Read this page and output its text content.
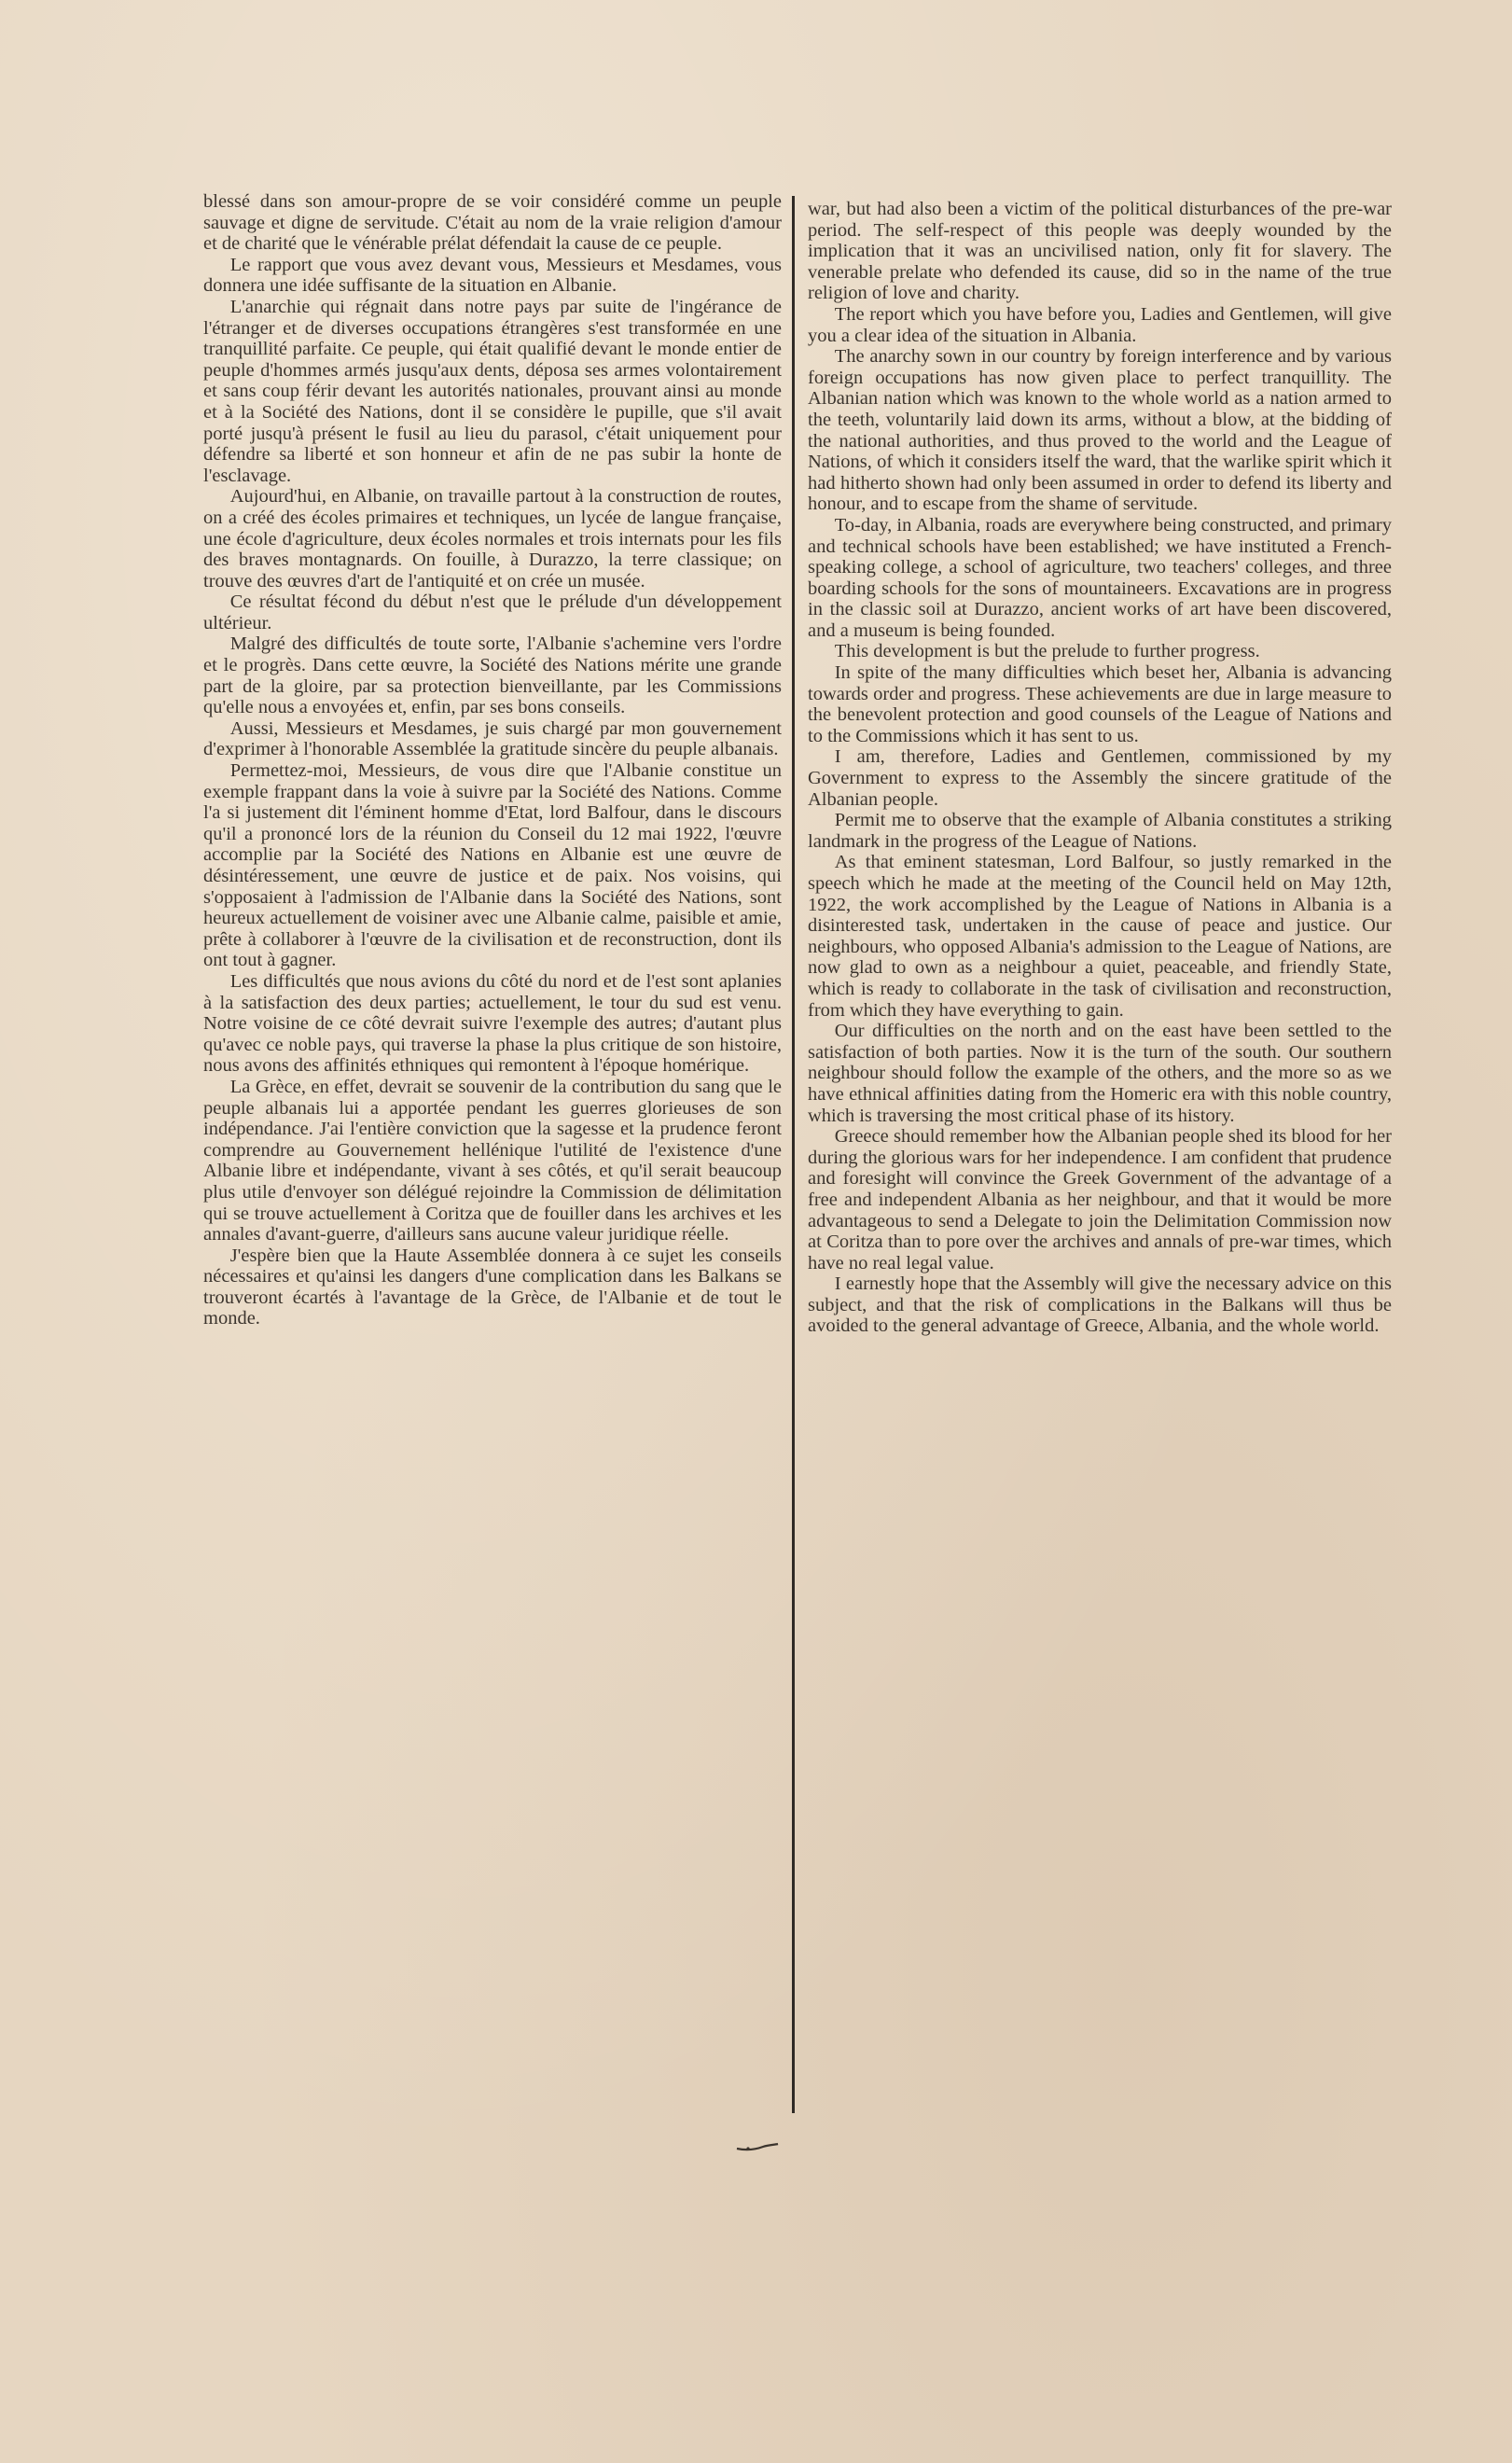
blessé dans son amour-propre de se voir considéré comme un peuple sauvage et digne de servitude. C'était au nom de la vraie religion d'amour et de charité que le vénérable prélat défendait la cause de ce peuple.

Le rapport que vous avez devant vous, Messieurs et Mesdames, vous donnera une idée suffisante de la situation en Albanie.

L'anarchie qui régnait dans notre pays par suite de l'ingérance de l'étranger et de diverses occupations étrangères s'est transformée en une tranquillité parfaite. Ce peuple, qui était qualifié devant le monde entier de peuple d'hommes armés jusqu'aux dents, déposa ses armes volontairement et sans coup férir devant les autorités nationales, prouvant ainsi au monde et à la Société des Nations, dont il se considère le pupille, que s'il avait porté jusqu'à présent le fusil au lieu du parasol, c'était uniquement pour défendre sa liberté et son honneur et afin de ne pas subir la honte de l'esclavage.

Aujourd'hui, en Albanie, on travaille partout à la construction de routes, on a créé des écoles primaires et techniques, un lycée de langue française, une école d'agriculture, deux écoles normales et trois internats pour les fils des braves montagnards. On fouille, à Durazzo, la terre classique; on trouve des œuvres d'art de l'antiquité et on crée un musée.

Ce résultat fécond du début n'est que le prélude d'un développement ultérieur.

Malgré des difficultés de toute sorte, l'Albanie s'achemine vers l'ordre et le progrès. Dans cette œuvre, la Société des Nations mérite une grande part de la gloire, par sa protection bienveillante, par les Commissions qu'elle nous a envoyées et, enfin, par ses bons conseils.

Aussi, Messieurs et Mesdames, je suis chargé par mon gouvernement d'exprimer à l'honorable Assemblée la gratitude sincère du peuple albanais.

Permettez-moi, Messieurs, de vous dire que l'Albanie constitue un exemple frappant dans la voie à suivre par la Société des Nations. Comme l'a si justement dit l'éminent homme d'Etat, lord Balfour, dans le discours qu'il a prononcé lors de la réunion du Conseil du 12 mai 1922, l'œuvre accomplie par la Société des Nations en Albanie est une œuvre de désintéressement, une œuvre de justice et de paix. Nos voisins, qui s'opposaient à l'admission de l'Albanie dans la Société des Nations, sont heureux actuellement de voisiner avec une Albanie calme, paisible et amie, prête à collaborer à l'œuvre de la civilisation et de reconstruction, dont ils ont tout à gagner.

Les difficultés que nous avions du côté du nord et de l'est sont aplanies à la satisfaction des deux parties; actuellement, le tour du sud est venu. Notre voisine de ce côté devrait suivre l'exemple des autres; d'autant plus qu'avec ce noble pays, qui traverse la phase la plus critique de son histoire, nous avons des affinités ethniques qui remontent à l'époque homérique.

La Grèce, en effet, devrait se souvenir de la contribution du sang que le peuple albanais lui a apportée pendant les guerres glorieuses de son indépendance. J'ai l'entière conviction que la sagesse et la prudence feront comprendre au Gouvernement hellénique l'utilité de l'existence d'une Albanie libre et indépendante, vivant à ses côtés, et qu'il serait beaucoup plus utile d'envoyer son délégué rejoindre la Commission de délimitation qui se trouve actuellement à Coritza que de fouiller dans les archives et les annales d'avant-guerre, d'ailleurs sans aucune valeur juridique réelle.

J'espère bien que la Haute Assemblée donnera à ce sujet les conseils nécessaires et qu'ainsi les dangers d'une complication dans les Balkans se trouveront écartés à l'avantage de la Grèce, de l'Albanie et de tout le monde.

war, but had also been a victim of the political disturbances of the pre-war period. The self-respect of this people was deeply wounded by the implication that it was an uncivilised nation, only fit for slavery. The venerable prelate who defended its cause, did so in the name of the true religion of love and charity.

The report which you have before you, Ladies and Gentlemen, will give you a clear idea of the situation in Albania.

The anarchy sown in our country by foreign interference and by various foreign occupations has now given place to perfect tranquillity. The Albanian nation which was known to the whole world as a nation armed to the teeth, voluntarily laid down its arms, without a blow, at the bidding of the national authorities, and thus proved to the world and the League of Nations, of which it considers itself the ward, that the warlike spirit which it had hitherto shown had only been assumed in order to defend its liberty and honour, and to escape from the shame of servitude.

To-day, in Albania, roads are everywhere being constructed, and primary and technical schools have been established; we have instituted a French-speaking college, a school of agriculture, two teachers' colleges, and three boarding schools for the sons of mountaineers. Excavations are in progress in the classic soil at Durazzo, ancient works of art have been discovered, and a museum is being founded.

This development is but the prelude to further progress.

In spite of the many difficulties which beset her, Albania is advancing towards order and progress. These achievements are due in large measure to the benevolent protection and good counsels of the League of Nations and to the Commissions which it has sent to us.

I am, therefore, Ladies and Gentlemen, commissioned by my Government to express to the Assembly the sincere gratitude of the Albanian people.

Permit me to observe that the example of Albania constitutes a striking landmark in the progress of the League of Nations.

As that eminent statesman, Lord Balfour, so justly remarked in the speech which he made at the meeting of the Council held on May 12th, 1922, the work accomplished by the League of Nations in Albania is a disinterested task, undertaken in the cause of peace and justice. Our neighbours, who opposed Albania's admission to the League of Nations, are now glad to own as a neighbour a quiet, peaceable, and friendly State, which is ready to collaborate in the task of civilisation and reconstruction, from which they have everything to gain.

Our difficulties on the north and on the east have been settled to the satisfaction of both parties. Now it is the turn of the south. Our southern neighbour should follow the example of the others, and the more so as we have ethnical affinities dating from the Homeric era with this noble country, which is traversing the most critical phase of its history.

Greece should remember how the Albanian people shed its blood for her during the glorious wars for her independence. I am confident that prudence and foresight will convince the Greek Government of the advantage of a free and independent Albania as her neighbour, and that it would be more advantageous to send a Delegate to join the Delimitation Commission now at Coritza than to pore over the archives and annals of pre-war times, which have no real legal value.

I earnestly hope that the Assembly will give the necessary advice on this subject, and that the risk of complications in the Balkans will thus be avoided to the general advantage of Greece, Albania, and the whole world.
